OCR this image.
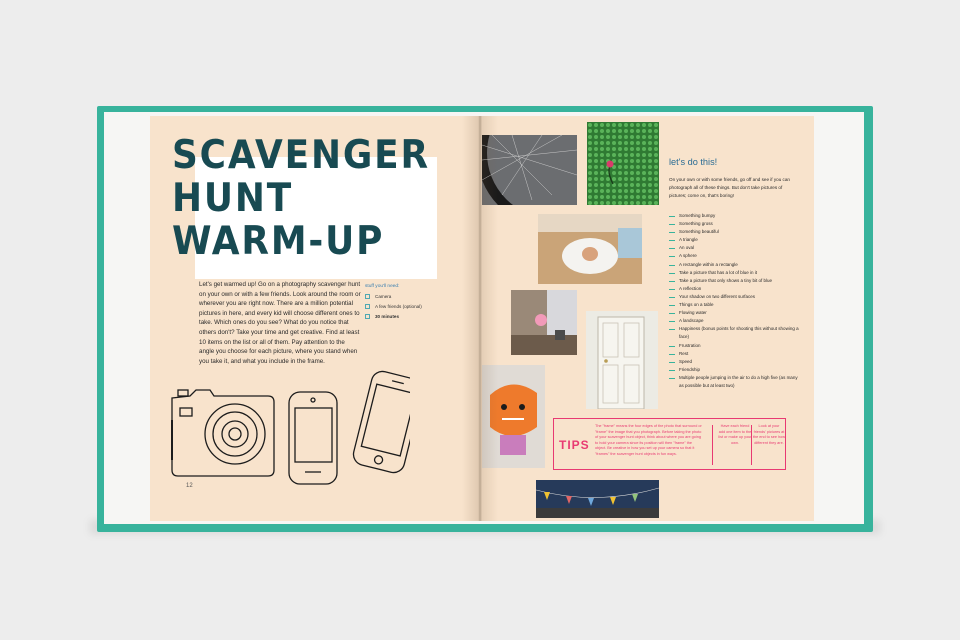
SCAVENGER
HUNT
WARM-UP
Let's get warmed up! Go on a photography scavenger hunt on your own or with a few friends. Look around the room or wherever you are right now. There are a million potential pictures in here, and every kid will choose different ones to take. Which ones do you see? What do you notice that others don't? Take your time and get creative. Find at least 10 items on the list or all of them. Pay attention to the angle you choose for each picture, where you stand when you take it, and what you include in the frame.
stuff you'll need:
Camera
A few friends (optional)
30 minutes
12
let's do this!
On your own or with some friends, go off and see if you can photograph all of these things. But don't take pictures of pictures; come on, that's boring!
Something bumpy
Something gross
Something beautiful
A triangle
An oval
A sphere
A rectangle within a rectangle
Take a picture that has a lot of blue in it
Take a picture that only shows a tiny bit of blue
A reflection
Your shadow on two different surfaces
Things on a table
Flowing water
A landscape
Happiness (bonus points for shooting this without showing a face)
Frustration
Rest
Speed
Friendship
Multiple people jumping in the air to do a high five (as many as possible but at least two)
TIPS
The "frame" means the four edges of the photo that surround or "frame" the image that you photograph. Before taking the photo of your scavenger hunt object, think about where you are going to hold your camera since its position will then "frame" the object. Be creative in how you set up your camera so that it "frames" the scavenger hunt objects in fun ways.
Have each friend add one item to the list or make up your own.
Look at your friends' pictures at the end to see how different they are.
